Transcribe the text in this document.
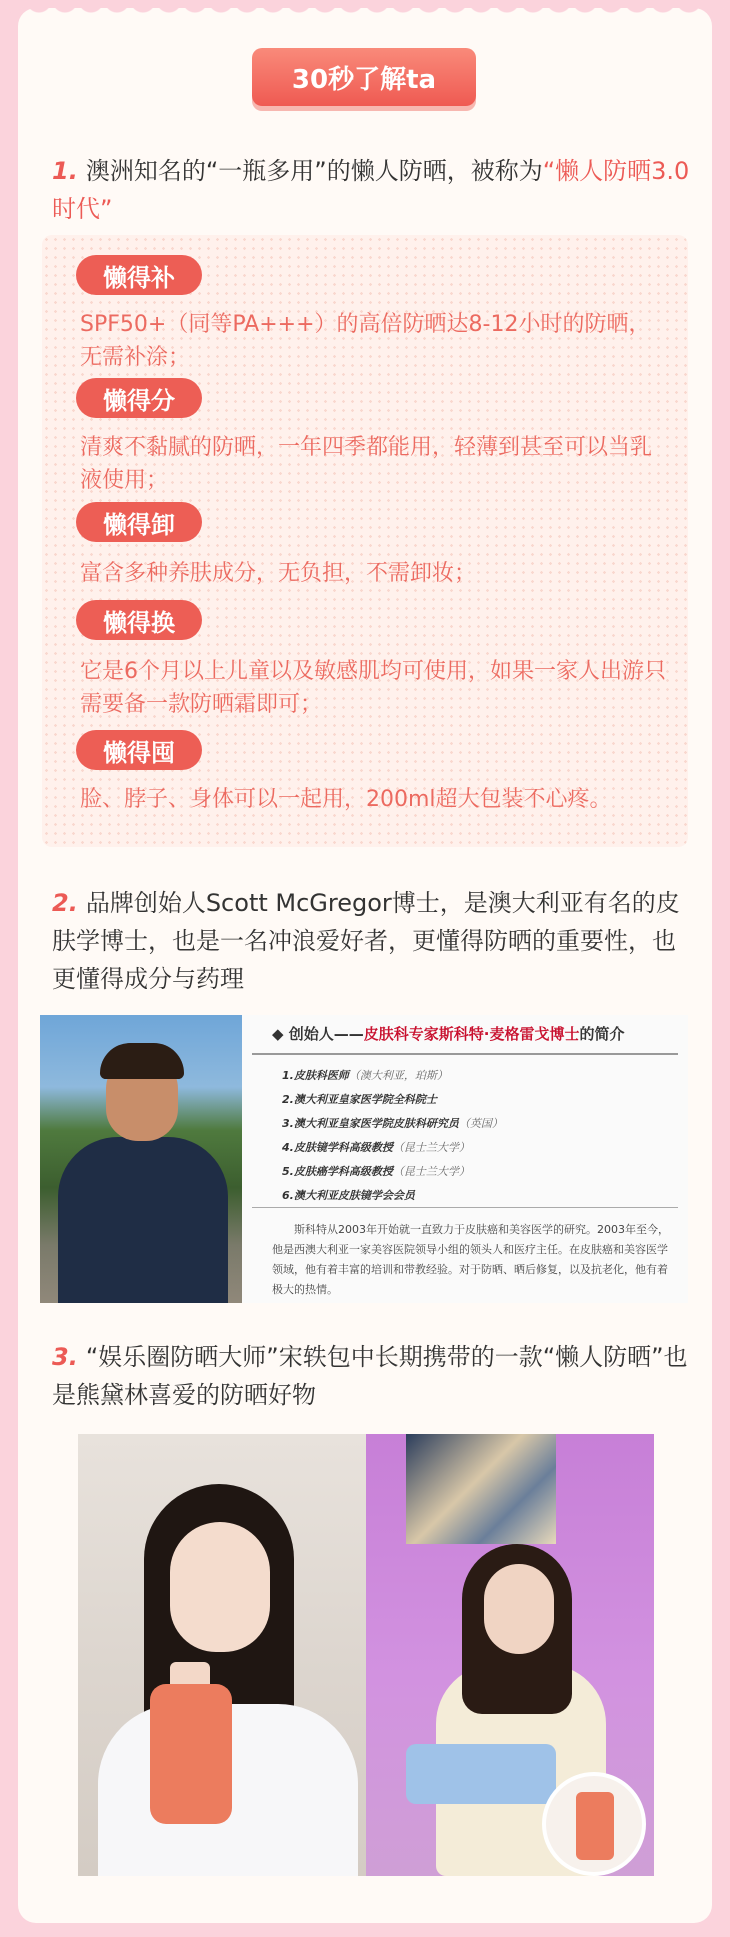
30秒了解ta
1. 澳洲知名的“一瓶多用”的懒人防晒，被称为“懒人防晒3.0时代”
懒得补
SPF50+（同等PA+++）的高倍防晒达8-12小时的防晒，无需补涂；
懒得分
清爽不黏腻的防晒，一年四季都能用，轻薄到甚至可以当乳液使用；
懒得卸
富含多种养肤成分，无负担，不需卸妆；
懒得换
它是6个月以上儿童以及敏感肌均可使用，如果一家人出游只需要备一款防晒霜即可；
懒得囤
脸、脖子、身体可以一起用，200ml超大包装不心疼。
2. 品牌创始人Scott McGregor博士，是澳大利亚有名的皮肤学博士，也是一名冲浪爱好者，更懂得防晒的重要性，也更懂得成分与药理
◆ 创始人——皮肤科专家斯科特·麦格雷戈博士的简介
1.皮肤科医师（澳大利亚，珀斯）
2.澳大利亚皇家医学院全科院士
3.澳大利亚皇家医学院皮肤科研究员（英国）
4.皮肤镜学科高级教授（昆士兰大学）
5.皮肤癌学科高级教授（昆士兰大学）
6.澳大利亚皮肤镜学会会员
斯科特从2003年开始就一直致力于皮肤癌和美容医学的研究。2003年至今，他是西澳大利亚一家美容医院领导小组的领头人和医疗主任。在皮肤癌和美容医学领域，他有着丰富的培训和带教经验。对于防晒、晒后修复，以及抗老化，他有着极大的热情。
3. “娱乐圈防晒大师”宋轶包中长期携带的一款“懒人防晒”也是熊黛林喜爱的防晒好物
